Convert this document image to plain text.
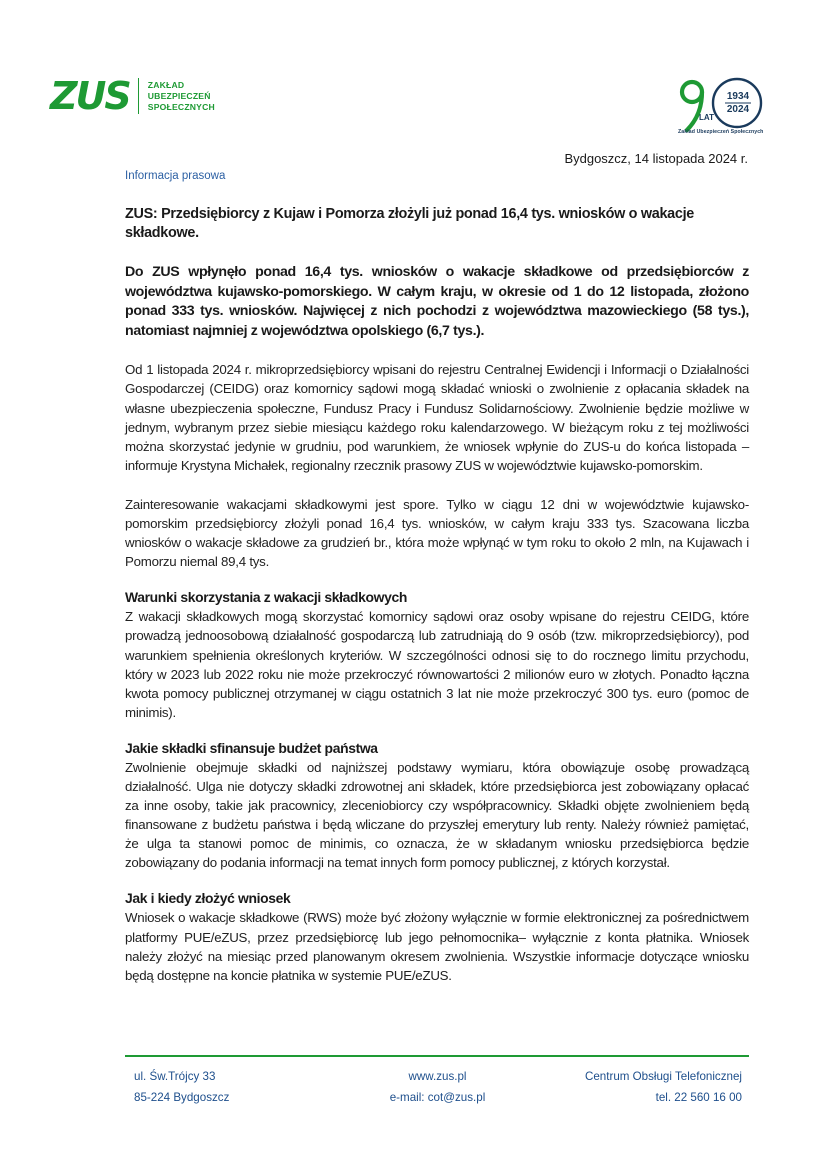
ZUS ZAKŁAD
UBEZPIECZEŃ
SPOŁECZNYCH
1934
2024
LAT
Zakład Ubezpieczeń Społecznych
Bydgoszcz, 14 listopada 2024 r.
Informacja prasowa
ZUS: Przedsiębiorcy z Kujaw i Pomorza złożyli już ponad 16,4 tys. wniosków o wakacje składkowe.
Do ZUS wpłynęło ponad 16,4 tys. wniosków o wakacje składkowe od przedsiębiorców z województwa kujawsko-pomorskiego. W całym kraju, w okresie od 1 do 12 listopada, złożono ponad 333 tys. wniosków. Najwięcej z nich pochodzi z województwa mazowieckiego (58 tys.), natomiast najmniej z województwa opolskiego (6,7 tys.).
Od 1 listopada 2024 r. mikroprzedsiębiorcy wpisani do rejestru Centralnej Ewidencji i Informacji o Działalności Gospodarczej (CEIDG) oraz komornicy sądowi mogą składać wnioski o zwolnienie z opłacania składek na własne ubezpieczenia społeczne, Fundusz Pracy i Fundusz Solidarnościowy. Zwolnienie będzie możliwe w jednym, wybranym przez siebie miesiącu każdego roku kalendarzowego. W bieżącym roku z tej możliwości można skorzystać jedynie w grudniu, pod warunkiem, że wniosek wpłynie do ZUS-u do końca listopada – informuje Krystyna Michałek, regionalny rzecznik prasowy ZUS w województwie kujawsko-pomorskim.
Zainteresowanie wakacjami składkowymi jest spore. Tylko w ciągu 12 dni w województwie kujawsko-pomorskim przedsiębiorcy złożyli ponad 16,4 tys. wniosków, w całym kraju 333 tys. Szacowana liczba wniosków o wakacje składowe za grudzień br., która może wpłynąć w tym roku to około 2 mln, na Kujawach i Pomorzu niemal 89,4 tys.
Warunki skorzystania z wakacji składkowych
Z wakacji składkowych mogą skorzystać komornicy sądowi oraz osoby wpisane do rejestru CEIDG, które prowadzą jednoosobową działalność gospodarczą lub zatrudniają do 9 osób (tzw. mikroprzedsiębiorcy), pod warunkiem spełnienia określonych kryteriów. W szczególności odnosi się to do rocznego limitu przychodu, który w 2023 lub 2022 roku nie może przekroczyć równowartości 2 milionów euro w złotych. Ponadto łączna kwota pomocy publicznej otrzymanej w ciągu ostatnich 3 lat nie może przekroczyć 300 tys. euro (pomoc de minimis).
Jakie składki sfinansuje budżet państwa
Zwolnienie obejmuje składki od najniższej podstawy wymiaru, która obowiązuje osobę prowadzącą działalność. Ulga nie dotyczy składki zdrowotnej ani składek, które przedsiębiorca jest zobowiązany opłacać za inne osoby, takie jak pracownicy, zleceniobiorcy czy współpracownicy. Składki objęte zwolnieniem będą finansowane z budżetu państwa i będą wliczane do przyszłej emerytury lub renty. Należy również pamiętać, że ulga ta stanowi pomoc de minimis, co oznacza, że w składanym wniosku przedsiębiorca będzie zobowiązany do podania informacji na temat innych form pomocy publicznej, z których korzystał.
Jak i kiedy złożyć wniosek
Wniosek o wakacje składkowe (RWS) może być złożony wyłącznie w formie elektronicznej za pośrednictwem platformy PUE/eZUS, przez przedsiębiorcę lub jego pełnomocnika– wyłącznie z konta płatnika. Wniosek należy złożyć na miesiąc przed planowanym okresem zwolnienia. Wszystkie informacje dotyczące wniosku będą dostępne na koncie płatnika w systemie PUE/eZUS.
ul. Św.Trójcy 33
85-224 Bydgoszcz
www.zus.pl
e-mail: cot@zus.pl
Centrum Obsługi Telefonicznej
tel. 22 560 16 00
